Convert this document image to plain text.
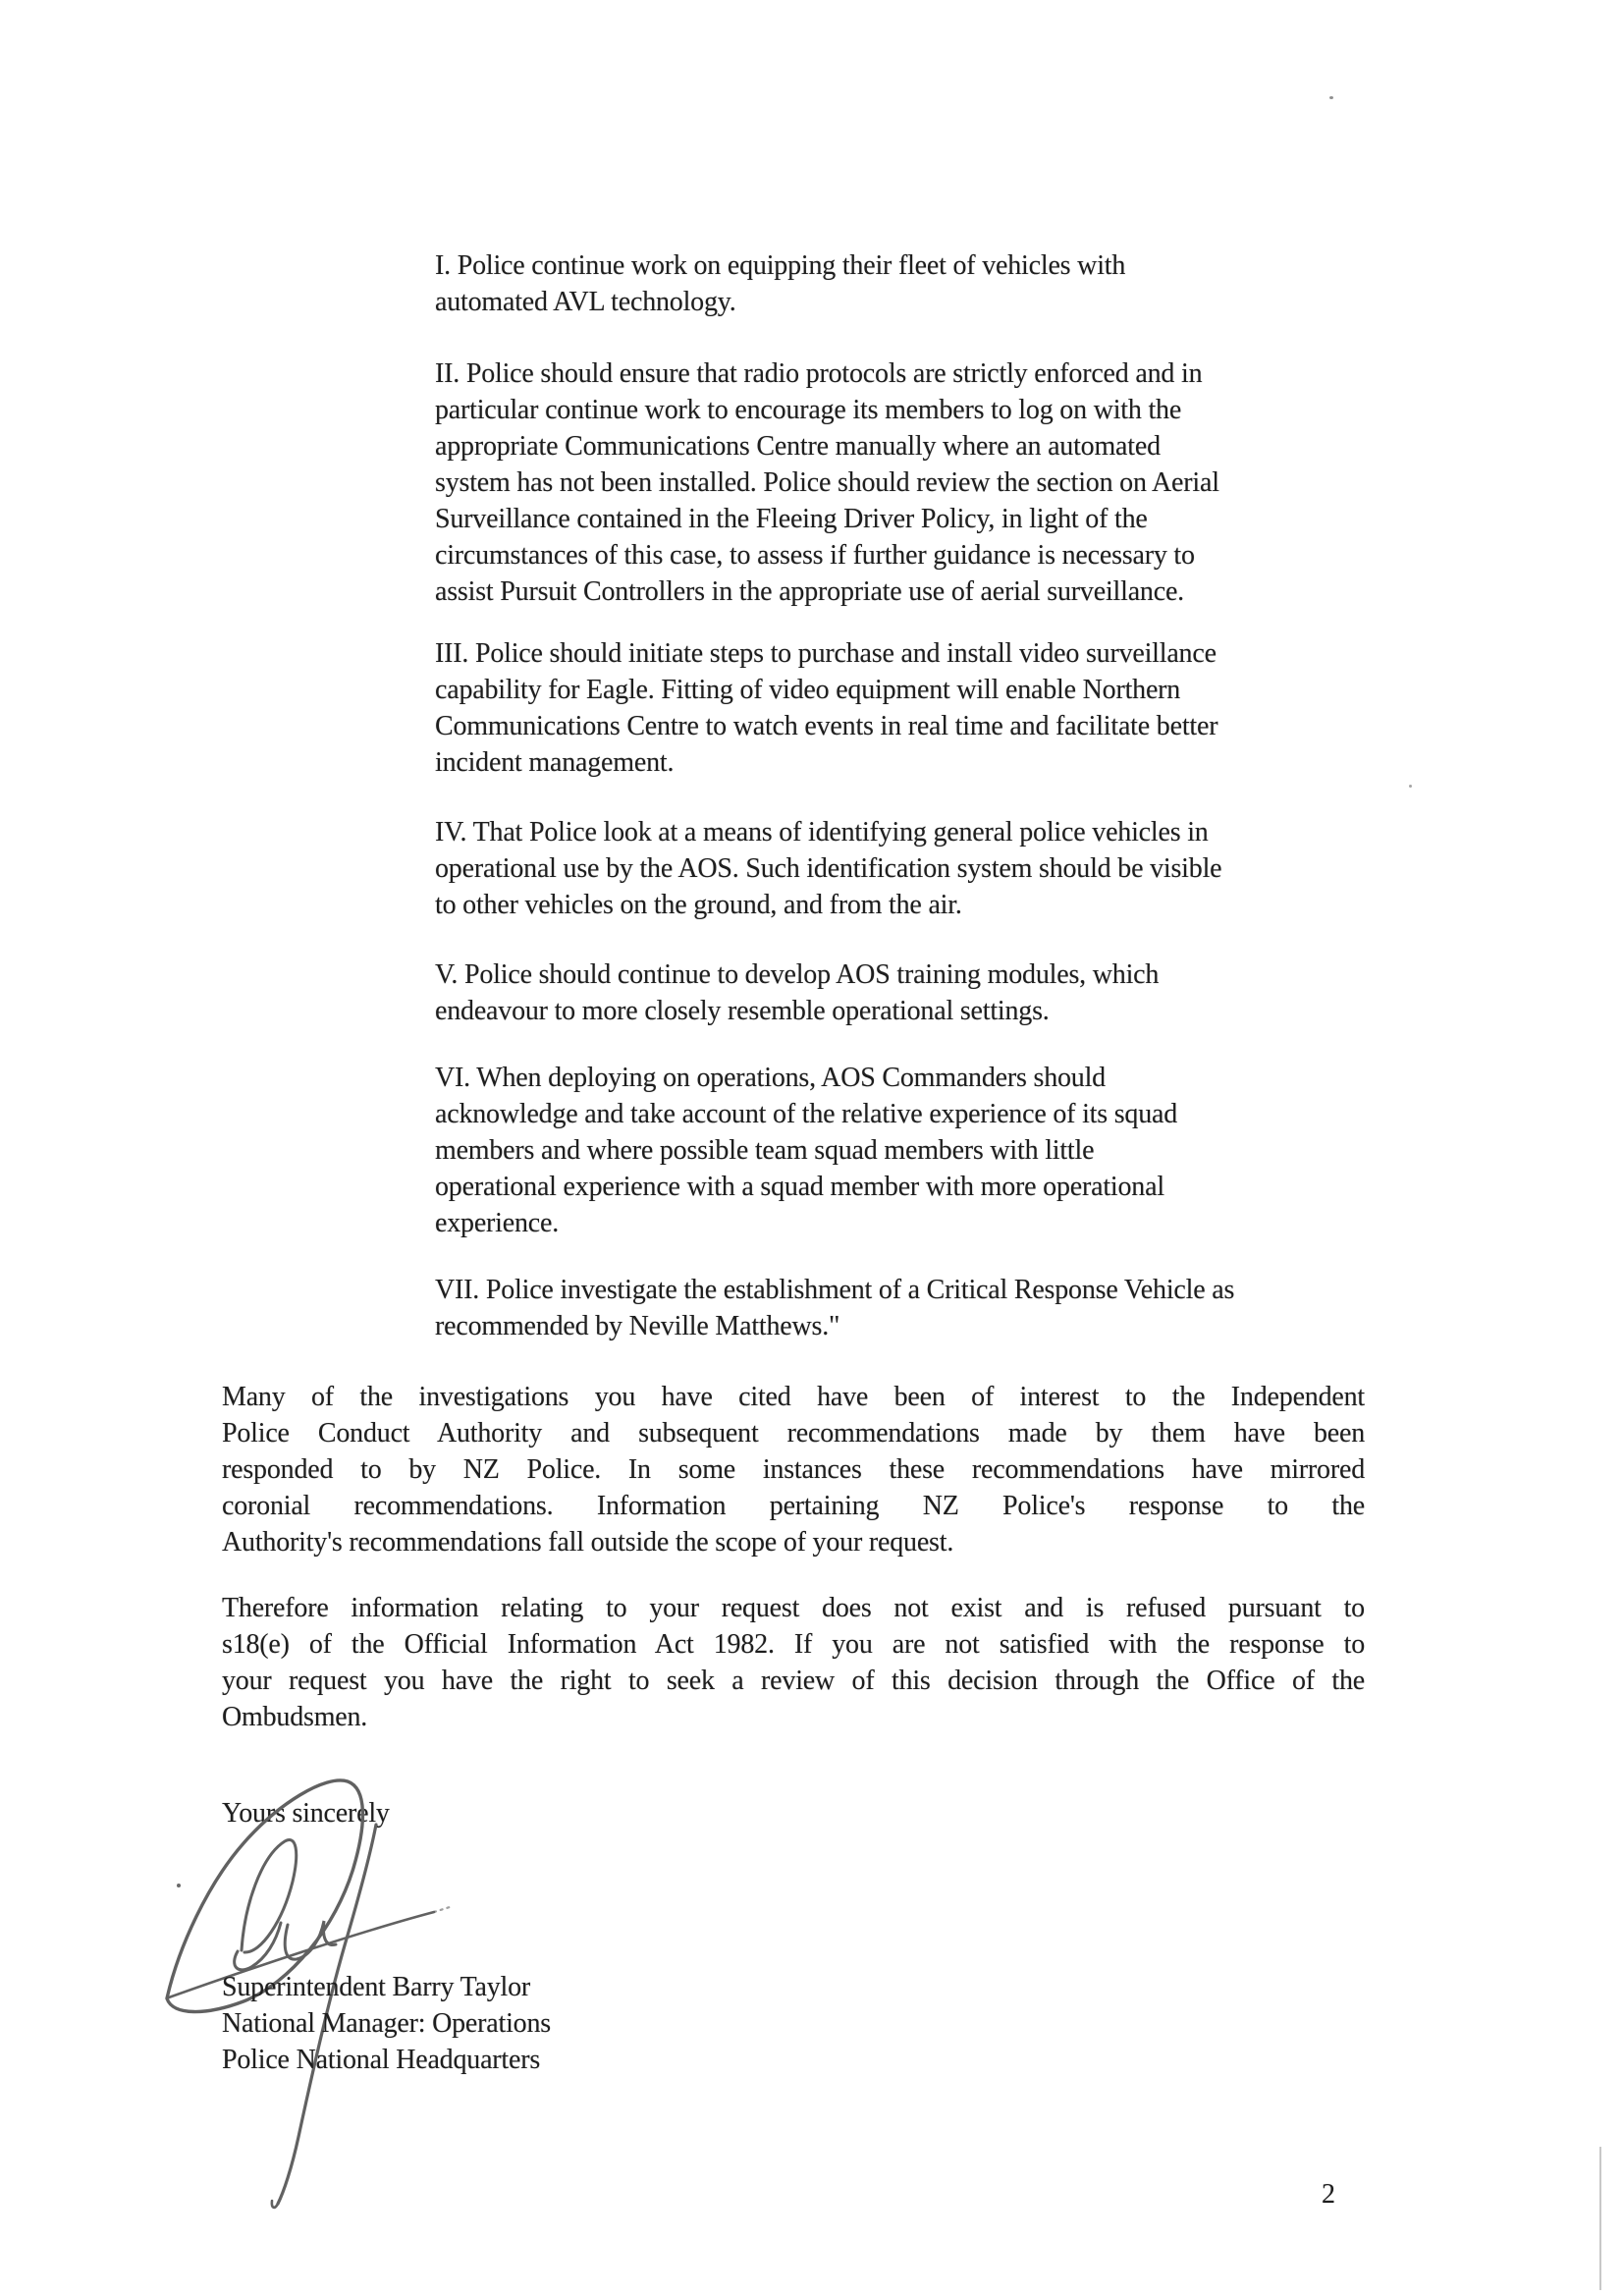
I. Police continue work on equipping their fleet of vehicles with
automated AVL technology.
II. Police should ensure that radio protocols are strictly enforced and in
particular continue work to encourage its members to log on with the
appropriate Communications Centre manually where an automated
system has not been installed. Police should review the section on Aerial
Surveillance contained in the Fleeing Driver Policy, in light of the
circumstances of this case, to assess if further guidance is necessary to
assist Pursuit Controllers in the appropriate use of aerial surveillance.
III. Police should initiate steps to purchase and install video surveillance
capability for Eagle. Fitting of video equipment will enable Northern
Communications Centre to watch events in real time and facilitate better
incident management.
IV. That Police look at a means of identifying general police vehicles in
operational use by the AOS. Such identification system should be visible
to other vehicles on the ground, and from the air.
V. Police should continue to develop AOS training modules, which
endeavour to more closely resemble operational settings.
VI. When deploying on operations, AOS Commanders should
acknowledge and take account of the relative experience of its squad
members and where possible team squad members with little
operational experience with a squad member with more operational
experience.
VII. Police investigate the establishment of a Critical Response Vehicle as
recommended by Neville Matthews."
Many of the investigations you have cited have been of interest to the Independent
Police Conduct Authority and subsequent recommendations made by them have been
responded to by NZ Police. In some instances these recommendations have mirrored
coronial recommendations. Information pertaining NZ Police's response to the
Authority's recommendations fall outside the scope of your request.
Therefore information relating to your request does not exist and is refused pursuant to
s18(e) of the Official Information Act 1982. If you are not satisfied with the response to
your request you have the right to seek a review of this decision through the Office of the
Ombudsmen.
Yours sincerely
Superintendent Barry Taylor
National Manager: Operations
Police National Headquarters
2
